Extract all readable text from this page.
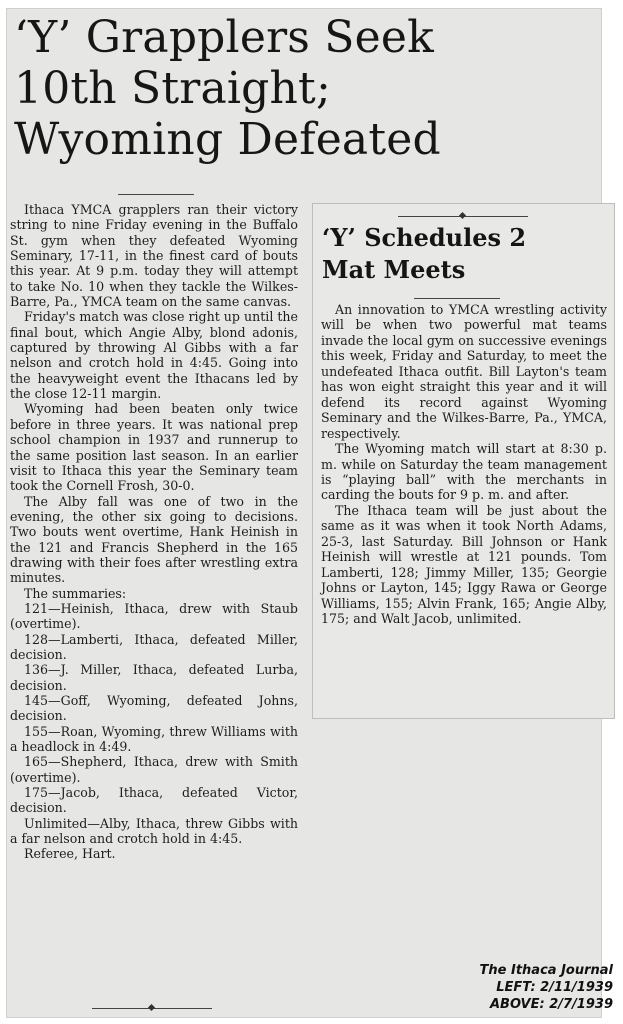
‘Y’ Grapplers Seek
10th Straight;
Wyoming Defeated

Ithaca YMCA grapplers ran their victory string to nine Friday evening in the Buffalo St. gym when they defeated Wyoming Seminary, 17-11, in the finest card of bouts this year. At 9 p.m. today they will attempt to take No. 10 when they tackle the Wilkes-Barre, Pa., YMCA team on the same canvas.

Friday's match was close right up until the final bout, which Angie Alby, blond adonis, captured by throwing Al Gibbs with a far nelson and crotch hold in 4:45. Going into the heavyweight event the Ithacans led by the close 12-11 margin.

Wyoming had been beaten only twice before in three years. It was national prep school champion in 1937 and runnerup to the same position last season. In an earlier visit to Ithaca this year the Seminary team took the Cornell Frosh, 30-0.

The Alby fall was one of two in the evening, the other six going to decisions. Two bouts went overtime, Hank Heinish in the 121 and Francis Shepherd in the 165 drawing with their foes after wrestling extra minutes.

The summaries:

121—Heinish, Ithaca, drew with Staub (overtime).

128—Lamberti, Ithaca, defeated Miller, decision.

136—J. Miller, Ithaca, defeated Lurba, decision.

145—Goff, Wyoming, defeated Johns, decision.

155—Roan, Wyoming, threw Williams with a headlock in 4:49.

165—Shepherd, Ithaca, drew with Smith (overtime).

175—Jacob, Ithaca, defeated Victor, decision.

Unlimited—Alby, Ithaca, threw Gibbs with a far nelson and crotch hold in 4:45.

Referee, Hart.

‘Y’ Schedules 2
Mat Meets

An innovation to YMCA wrestling activity will be when two powerful mat teams invade the local gym on successive evenings this week, Friday and Saturday, to meet the undefeated Ithaca outfit. Bill Layton's team has won eight straight this year and it will defend its record against Wyoming Seminary and the Wilkes-Barre, Pa., YMCA, respectively.

The Wyoming match will start at 8:30 p. m. while on Saturday the team management is “playing ball” with the merchants in carding the bouts for 9 p. m. and after.

The Ithaca team will be just about the same as it was when it took North Adams, 25-3, last Saturday. Bill Johnson or Hank Heinish will wrestle at 121 pounds. Tom Lamberti, 128; Jimmy Miller, 135; Georgie Johns or Layton, 145; Iggy Rawa or George Williams, 155; Alvin Frank, 165; Angie Alby, 175; and Walt Jacob, unlimited.

The Ithaca Journal
LEFT: 2/11/1939
ABOVE: 2/7/1939
